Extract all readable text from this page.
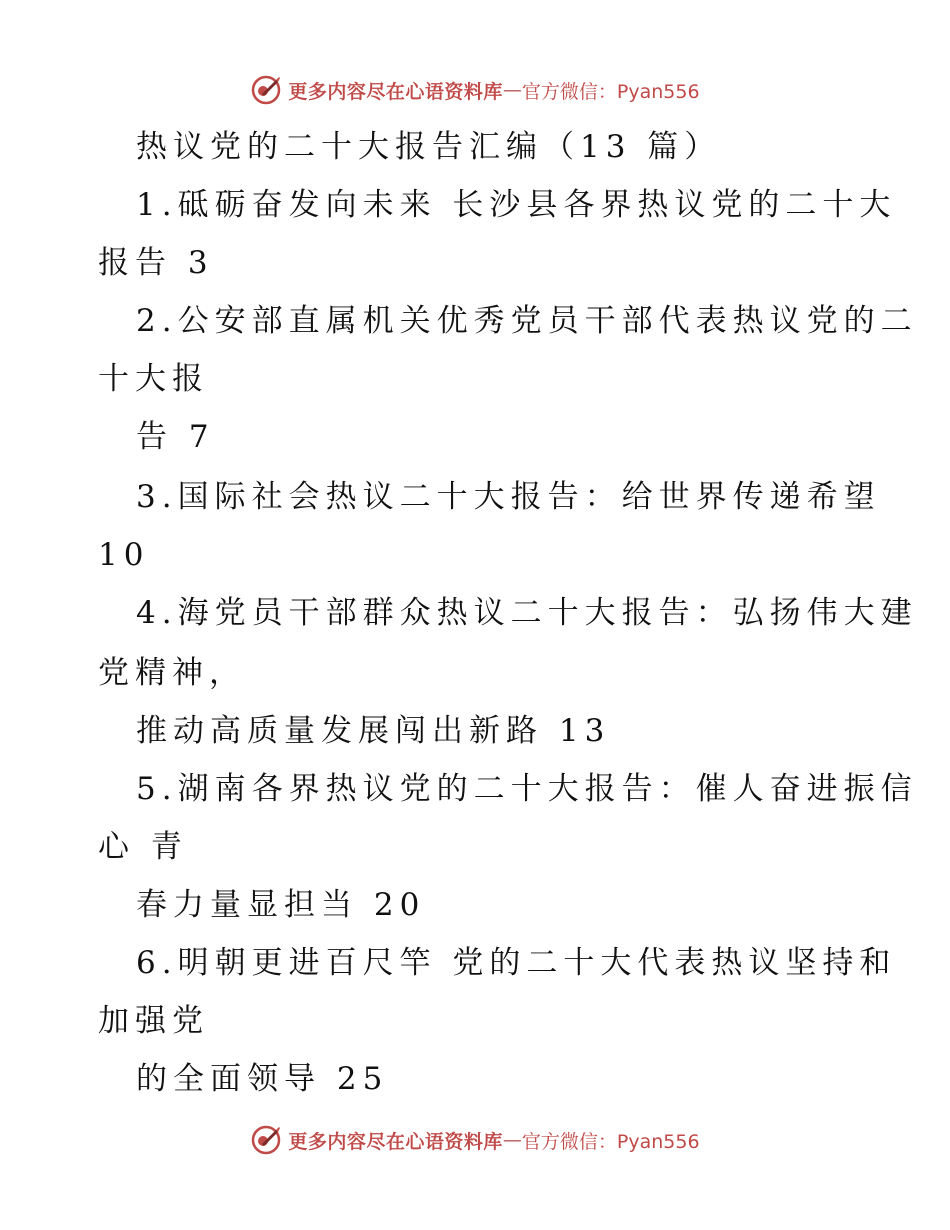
更多内容尽在心语资料库 — 官方微信：Pyan556
热议党的二十大报告汇编（13 篇）
1.砥砺奋发向未来 长沙县各界热议党的二十大
报告 3
2.公安部直属机关优秀党员干部代表热议党的二
十大报
告 7
3.国际社会热议二十大报告：给世界传递希望
10
4.海党员干部群众热议二十大报告：弘扬伟大建
党精神，
推动高质量发展闯出新路 13
5.湖南各界热议党的二十大报告：催人奋进振信
心 青
春力量显担当 20
6.明朝更进百尺竿 党的二十大代表热议坚持和
加强党
的全面领导 25
更多内容尽在心语资料库 — 官方微信：Pyan556
